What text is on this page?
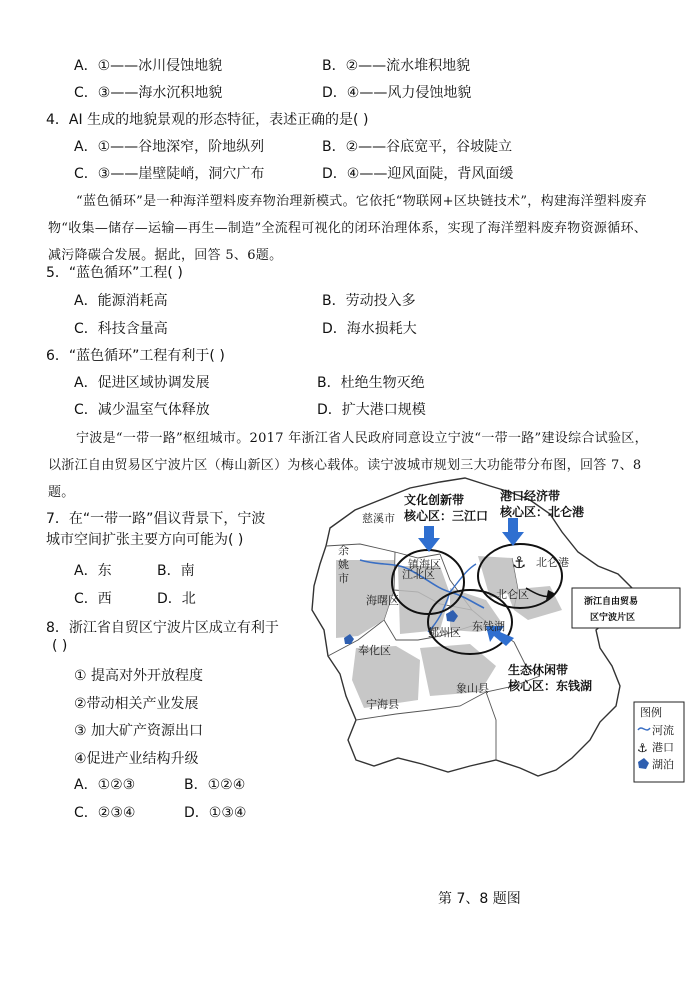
A．①——冰川侵蚀地貌	B．②——流水堆积地貌
C．③——海水沉积地貌	D．④——风力侵蚀地貌
4．AI 生成的地貌景观的形态特征，表述正确的是( )
A．①——谷地深窄，阶地纵列	B．②——谷底宽平，谷坡陡立
C．③——崖壁陡峭，洞穴广布	D．④——迎风面陡，背风面缓
“蓝色循环”是一种海洋塑料废弃物治理新模式。它依托“物联网+区块链技术”，构建海洋塑料废弃物“收集—储存—运输—再生—制造”全流程可视化的闭环治理体系，实现了海洋塑料废弃物资源循环、减污降碳合发展。据此，回答 5、6题。
5．“蓝色循环”工程( )
A．能源消耗高	B．劳动投入多
C．科技含量高	D．海水损耗大
6．“蓝色循环”工程有利于( )
A．促进区域协调发展	B．杜绝生物灭绝
C．减少温室气体释放	D．扩大港口规模
宁波是“一带一路”枢纽城市。2017 年浙江省人民政府同意设立宁波“一带一路”建设综合试验区，以浙江自由贸易区宁波片区（梅山新区）为核心载体。读宁波城市规划三大功能带分布图，回答 7、8题。
7．在“一带一路”倡议背景下，宁波
城市空间扩张主要方向可能为( )
A．东	B．南
C．西	D．北
8．浙江省自贸区宁波片区成立有利于
( )
① 提高对外开放程度
②带动相关产业发展
③ 加大矿产资源出口
④促进产业结构升级
A．①②③	B．①②④
C．②③④	D．①③④
⚓
文化创新带
核心区：三江口
港口经济带
核心区：北仑港
生态休闲带
核心区：东钱湖
慈溪市
余
姚
市
镇海区
江北区
北仑港
北仑区
海曙区
鄞州区 东钱湖
奉化区
象山县
宁海县
浙江自由贸易
区宁波片区
图例
河流
⚓ 港口
湖泊
第 7、8 题图
